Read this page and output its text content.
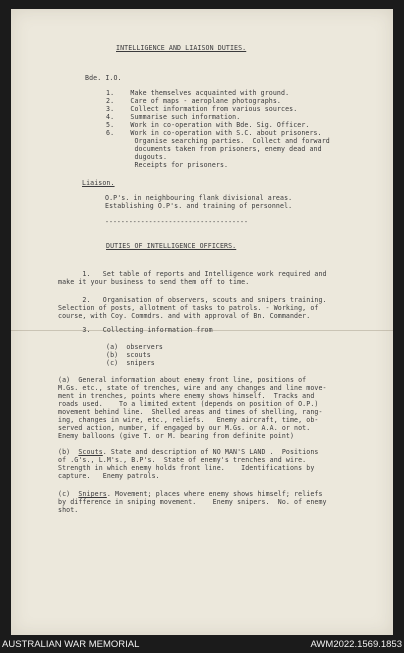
INTELLIGENCE AND LIAISON DUTIES.
Bde. I.O.
1.    Make themselves acquainted with ground.
2.    Care of maps - aeroplane photographs.
3.    Collect information from various sources.
4.    Summarise such information.
5.    Work in co-operation with Bde. Sig. Officer.
6.    Work in co-operation with S.C. about prisoners.
Organise searching parties.  Collect and forward
documents taken from prisoners, enemy dead and
dugouts.
Receipts for prisoners.
Liaison.
O.P's. in neighbouring flank divisional areas.
Establishing O.P's. and training of personnel.
------------------------------------
DUTIES OF INTELLIGENCE OFFICERS.
1.   Set table of reports and Intelligence work required and
make it your business to send them off to time.
2.   Organisation of observers, scouts and snipers training.
Selection of posts, allotment of tasks to patrols. - Working, of
course, with Coy. Commdrs. and with approval of Bn. Commander.
3.   Collecting information from
(a)  observers
(b)  scouts
(c)  snipers
(a)  General information about enemy front line, positions of
M.Gs. etc., state of trenches, wire and any changes and line move-
ment in trenches, points where enemy shows himself.  Tracks and
roads used.    To a limited extent (depends on position of O.P.)
movement behind line.  Shelled areas and times of shelling, rang-
ing, changes in wire, etc., reliefs.   Enemy aircraft, time, ob-
served action, number, if engaged by our M.Gs. or A.A. or not.
Enemy balloons (give T. or M. bearing from definite point)
(b)  Scouts. State and description of NO MAN'S LAND .  Positions
of .G's., L.M's., B.P's.  State of enemy's trenches and wire.
Strength in which enemy holds front line.    Identifications by
capture.   Enemy patrols.
(c)  Snipers. Movement; places where enemy shows himself; reliefs
by difference in sniping movement.    Enemy snipers.  No. of enemy
shot.
AUSTRALIAN WAR MEMORIAL	AWM2022.1569.1853
